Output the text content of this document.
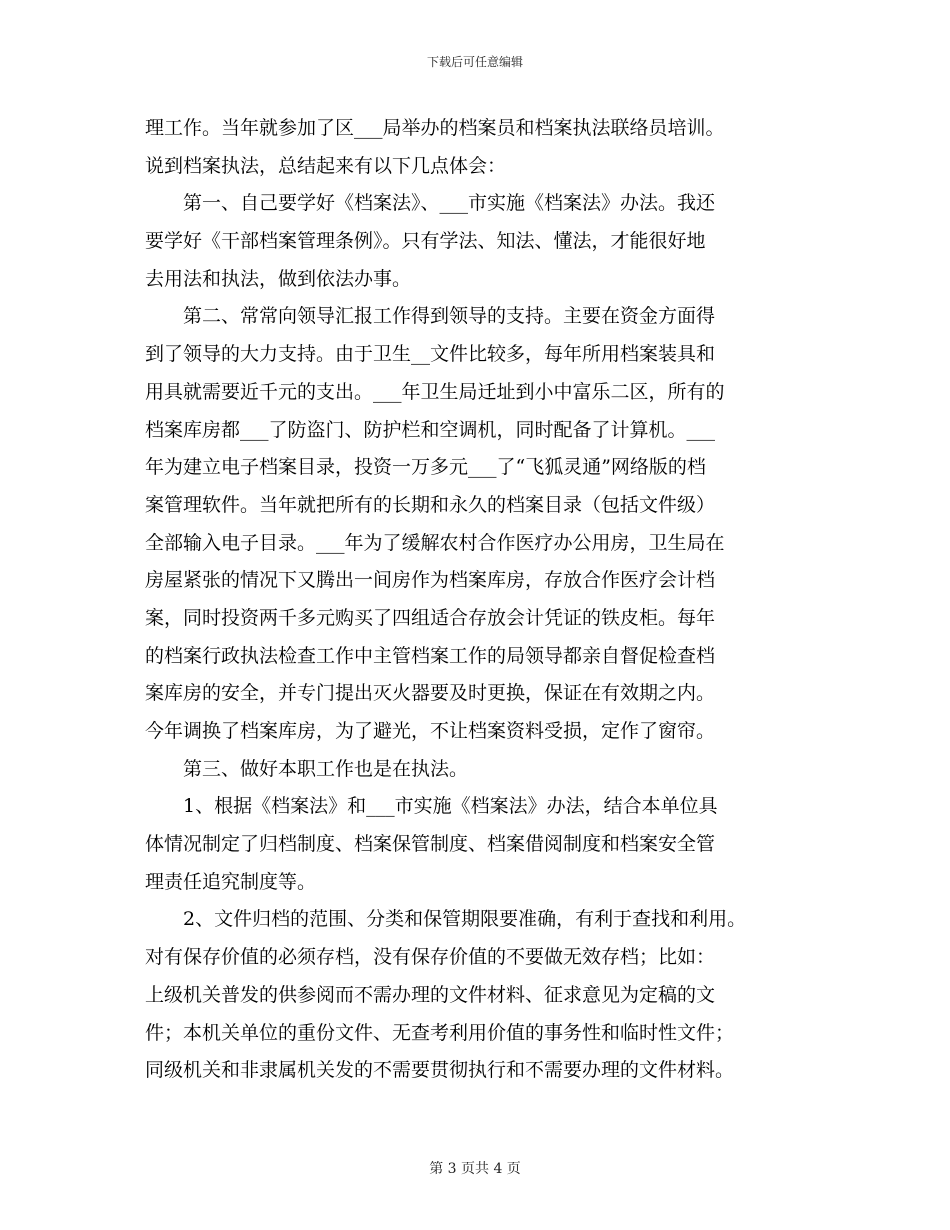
下载后可任意编辑
理工作。当年就参加了区___局举办的档案员和档案执法联络员培训。
说到档案执法，总结起来有以下几点体会：
　　第一、自己要学好《档案法》、___市实施《档案法》办法。我还
要学好《干部档案管理条例》。只有学法、知法、懂法，才能很好地
去用法和执法，做到依法办事。
　　第二、常常向领导汇报工作得到领导的支持。主要在资金方面得
到了领导的大力支持。由于卫生__文件比较多，每年所用档案装具和
用具就需要近千元的支出。___年卫生局迁址到小中富乐二区，所有的
档案库房都___了防盗门、防护栏和空调机，同时配备了计算机。___
年为建立电子档案目录，投资一万多元___了“飞狐灵通”网络版的档
案管理软件。当年就把所有的长期和永久的档案目录（包括文件级）
全部输入电子目录。___年为了缓解农村合作医疗办公用房，卫生局在
房屋紧张的情况下又腾出一间房作为档案库房，存放合作医疗会计档
案，同时投资两千多元购买了四组适合存放会计凭证的铁皮柜。每年
的档案行政执法检查工作中主管档案工作的局领导都亲自督促检查档
案库房的安全，并专门提出灭火器要及时更换，保证在有效期之内。
今年调换了档案库房，为了避光，不让档案资料受损，定作了窗帘。
　　第三、做好本职工作也是在执法。
　　1、根据《档案法》和___市实施《档案法》办法，结合本单位具
体情况制定了归档制度、档案保管制度、档案借阅制度和档案安全管
理责任追究制度等。
　　2、文件归档的范围、分类和保管期限要准确，有利于查找和利用。
对有保存价值的必须存档，没有保存价值的不要做无效存档；比如：
上级机关普发的供参阅而不需办理的文件材料、征求意见为定稿的文
件；本机关单位的重份文件、无查考利用价值的事务性和临时性文件；
同级机关和非隶属机关发的不需要贯彻执行和不需要办理的文件材料。
第 3 页共 4 页
